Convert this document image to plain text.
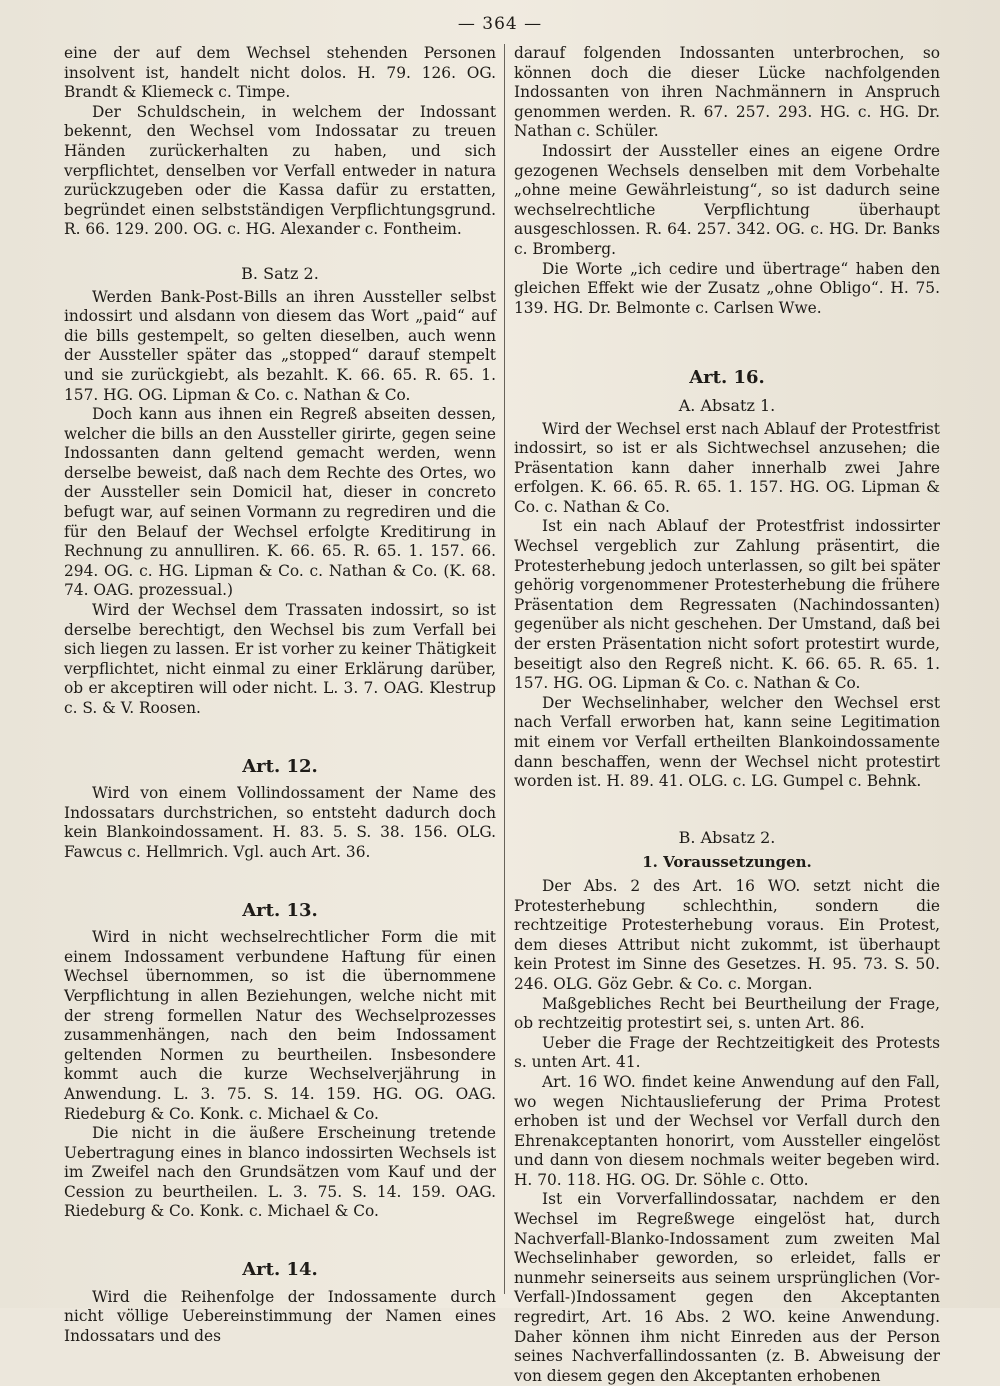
— 364 —

eine der auf dem Wechsel stehenden Personen insolvent ist, handelt nicht dolos. H. 79. 126. OG. Brandt & Kliemeck c. Timpe.

Der Schuldschein, in welchem der Indossant bekennt, den Wechsel vom Indossatar zu treuen Händen zurückerhalten zu haben, und sich verpflichtet, denselben vor Verfall entweder in natura zurückzugeben oder die Kassa dafür zu erstatten, begründet einen selbstständigen Verpflichtungsgrund. R. 66. 129. 200. OG. c. HG. Alexander c. Fontheim.

B. Satz 2.

Werden Bank-Post-Bills an ihren Aussteller selbst indossirt und alsdann von diesem das Wort „paid“ auf die bills gestempelt, so gelten dieselben, auch wenn der Aussteller später das „stopped“ darauf stempelt und sie zurückgiebt, als bezahlt. K. 66. 65. R. 65. 1. 157. HG. OG. Lipman & Co. c. Nathan & Co.

Doch kann aus ihnen ein Regreß abseiten dessen, welcher die bills an den Aussteller girirte, gegen seine Indossanten dann geltend gemacht werden, wenn derselbe beweist, daß nach dem Rechte des Ortes, wo der Aussteller sein Domicil hat, dieser in concreto befugt war, auf seinen Vormann zu regrediren und die für den Belauf der Wechsel erfolgte Kreditirung in Rechnung zu annulliren. K. 66. 65. R. 65. 1. 157. 66. 294. OG. c. HG. Lipman & Co. c. Nathan & Co. (K. 68. 74. OAG. prozessual.)

Wird der Wechsel dem Trassaten indossirt, so ist derselbe berechtigt, den Wechsel bis zum Verfall bei sich liegen zu lassen. Er ist vorher zu keiner Thätigkeit verpflichtet, nicht einmal zu einer Erklärung darüber, ob er akceptiren will oder nicht. L. 3. 7. OAG. Klestrup c. S. & V. Roosen.

Art. 12.

Wird von einem Vollindossament der Name des Indossatars durchstrichen, so entsteht dadurch doch kein Blankoindossament. H. 83. 5. S. 38. 156. OLG. Fawcus c. Hellmrich. Vgl. auch Art. 36.

Art. 13.

Wird in nicht wechselrechtlicher Form die mit einem Indossament verbundene Haftung für einen Wechsel übernommen, so ist die übernommene Verpflichtung in allen Beziehungen, welche nicht mit der streng formellen Natur des Wechselprozesses zusammenhängen, nach den beim Indossament geltenden Normen zu beurtheilen. Insbesondere kommt auch die kurze Wechselverjährung in Anwendung. L. 3. 75. S. 14. 159. HG. OG. OAG. Riedeburg & Co. Konk. c. Michael & Co.

Die nicht in die äußere Erscheinung tretende Uebertragung eines in blanco indossirten Wechsels ist im Zweifel nach den Grundsätzen vom Kauf und der Cession zu beurtheilen. L. 3. 75. S. 14. 159. OAG. Riedeburg & Co. Konk. c. Michael & Co.

Art. 14.

Wird die Reihenfolge der Indossamente durch nicht völlige Uebereinstimmung der Namen eines Indossatars und des

darauf folgenden Indossanten unterbrochen, so können doch die dieser Lücke nachfolgenden Indossanten von ihren Nachmännern in Anspruch genommen werden. R. 67. 257. 293. HG. c. HG. Dr. Nathan c. Schüler.

Indossirt der Aussteller eines an eigene Ordre gezogenen Wechsels denselben mit dem Vorbehalte „ohne meine Gewährleistung“, so ist dadurch seine wechselrechtliche Verpflichtung überhaupt ausgeschlossen. R. 64. 257. 342. OG. c. HG. Dr. Banks c. Bromberg.

Die Worte „ich cedire und übertrage“ haben den gleichen Effekt wie der Zusatz „ohne Obligo“. H. 75. 139. HG. Dr. Belmonte c. Carlsen Wwe.

Art. 16.
A. Absatz 1.

Wird der Wechsel erst nach Ablauf der Protestfrist indossirt, so ist er als Sichtwechsel anzusehen; die Präsentation kann daher innerhalb zwei Jahre erfolgen. K. 66. 65. R. 65. 1. 157. HG. OG. Lipman & Co. c. Nathan & Co.

Ist ein nach Ablauf der Protestfrist indossirter Wechsel vergeblich zur Zahlung präsentirt, die Protesterhebung jedoch unterlassen, so gilt bei später gehörig vorgenommener Protesterhebung die frühere Präsentation dem Regressaten (Nachindossanten) gegenüber als nicht geschehen. Der Umstand, daß bei der ersten Präsentation nicht sofort protestirt wurde, beseitigt also den Regreß nicht. K. 66. 65. R. 65. 1. 157. HG. OG. Lipman & Co. c. Nathan & Co.

Der Wechselinhaber, welcher den Wechsel erst nach Verfall erworben hat, kann seine Legitimation mit einem vor Verfall ertheilten Blankoindossamente dann beschaffen, wenn der Wechsel nicht protestirt worden ist. H. 89. 41. OLG. c. LG. Gumpel c. Behnk.

B. Absatz 2.
1. Voraussetzungen.

Der Abs. 2 des Art. 16 WO. setzt nicht die Protesterhebung schlechthin, sondern die rechtzeitige Protesterhebung voraus. Ein Protest, dem dieses Attribut nicht zukommt, ist überhaupt kein Protest im Sinne des Gesetzes. H. 95. 73. S. 50. 246. OLG. Göz Gebr. & Co. c. Morgan.

Maßgebliches Recht bei Beurtheilung der Frage, ob rechtzeitig protestirt sei, s. unten Art. 86.

Ueber die Frage der Rechtzeitigkeit des Protests s. unten Art. 41.

Art. 16 WO. findet keine Anwendung auf den Fall, wo wegen Nichtauslieferung der Prima Protest erhoben ist und der Wechsel vor Verfall durch den Ehrenakceptanten honorirt, vom Aussteller eingelöst und dann von diesem nochmals weiter begeben wird. H. 70. 118. HG. OG. Dr. Söhle c. Otto.

Ist ein Vorverfallindossatar, nachdem er den Wechsel im Regreßwege eingelöst hat, durch Nachverfall-Blanko-Indossament zum zweiten Mal Wechselinhaber geworden, so erleidet, falls er nunmehr seinerseits aus seinem ursprünglichen (Vor-Verfall-)Indossament gegen den Akceptanten regredirt, Art. 16 Abs. 2 WO. keine Anwendung. Daher können ihm nicht Einreden aus der Person seines Nachverfallindossanten (z. B. Abweisung der von diesem gegen den Akceptanten erhobenen
